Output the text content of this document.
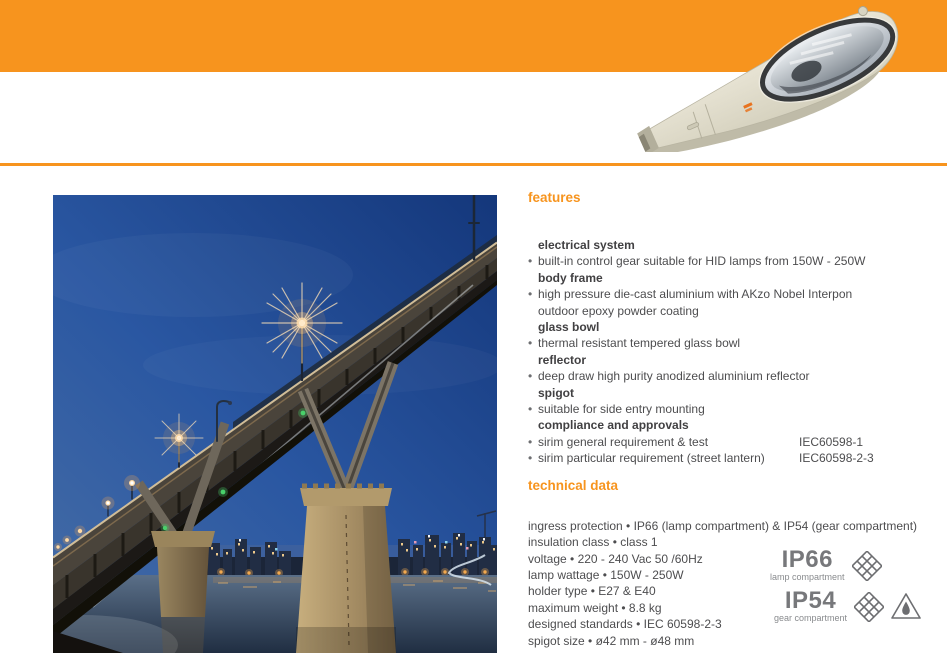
features
electrical system
• built-in control gear suitable for HID lamps from 150W - 250W
body frame
• high pressure die-cast aluminium with AKzo Nobel Interpon
outdoor epoxy powder coating
glass bowl
• thermal resistant tempered glass bowl
reflector
• deep draw high purity anodized aluminium reflector
spigot
• suitable for side entry mounting
compliance and approvals
• sirim general requirement & test	IEC60598-1
• sirim particular requirement (street lantern)	IEC60598-2-3
technical data
ingress protection • IP66 (lamp compartment) & IP54 (gear compartment)
insulation class • class 1
voltage • 220 - 240 Vac 50 /60Hz
lamp wattage • 150W - 250W
holder type • E27 & E40
maximum weight • 8.8 kg
designed standards • IEC 60598-2-3
spigot size • ø42 mm - ø48 mm
IP66
lamp compartment
IP54
gear compartment
